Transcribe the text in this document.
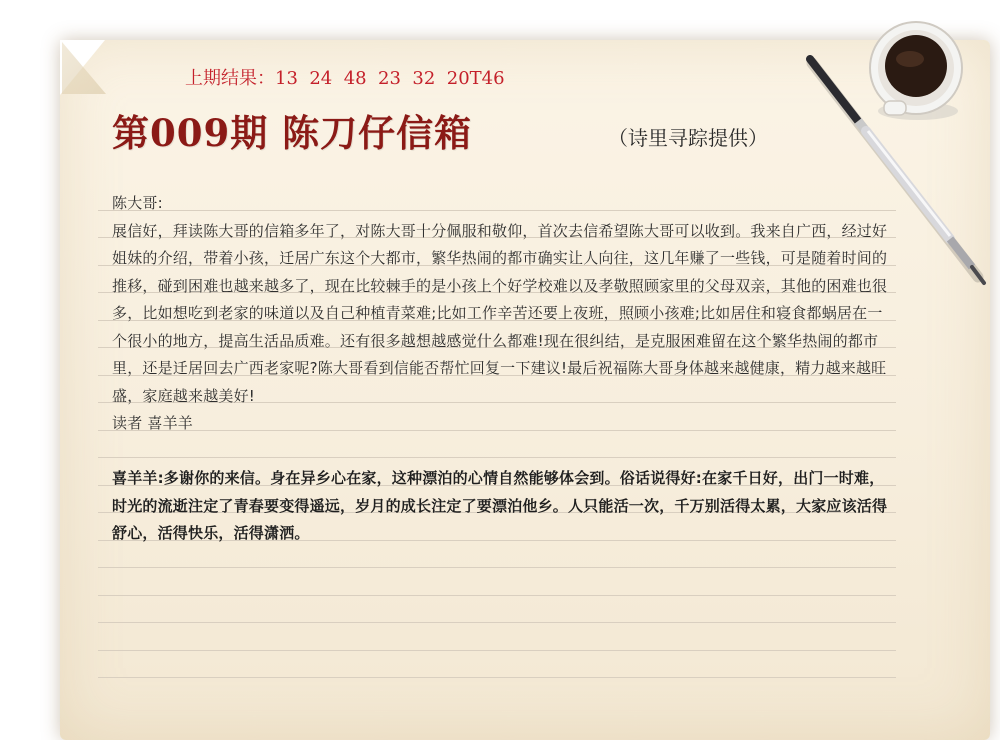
上期结果：13  24  48  23  32  20T46
第009期 陈刀仔信箱	（诗里寻踪提供）

陈大哥:

展信好，拜读陈大哥的信箱多年了，对陈大哥十分佩服和敬仰，首次去信希望陈大哥可以收到。我来自广西，经过好姐妹的介绍，带着小孩，迁居广东这个大都市，繁华热闹的都市确实让人向往，这几年赚了一些钱，可是随着时间的推移，碰到困难也越来越多了，现在比较棘手的是小孩上个好学校难以及孝敬照顾家里的父母双亲，其他的困难也很多，比如想吃到老家的味道以及自己种植青菜难;比如工作辛苦还要上夜班，照顾小孩难;比如居住和寝食都蜗居在一个很小的地方，提高生活品质难。还有很多越想越感觉什么都难!现在很纠结，是克服困难留在这个繁华热闹的都市里，还是迁居回去广西老家呢?陈大哥看到信能否帮忙回复一下建议!最后祝福陈大哥身体越来越健康，精力越来越旺盛，家庭越来越美好!

读者 喜羊羊

喜羊羊:多谢你的来信。身在异乡心在家，这种漂泊的心情自然能够体会到。俗话说得好:在家千日好，出门一时难，时光的流逝注定了青春要变得遥远，岁月的成长注定了要漂泊他乡。人只能活一次，千万别活得太累，大家应该活得舒心，活得快乐，活得潇洒。
